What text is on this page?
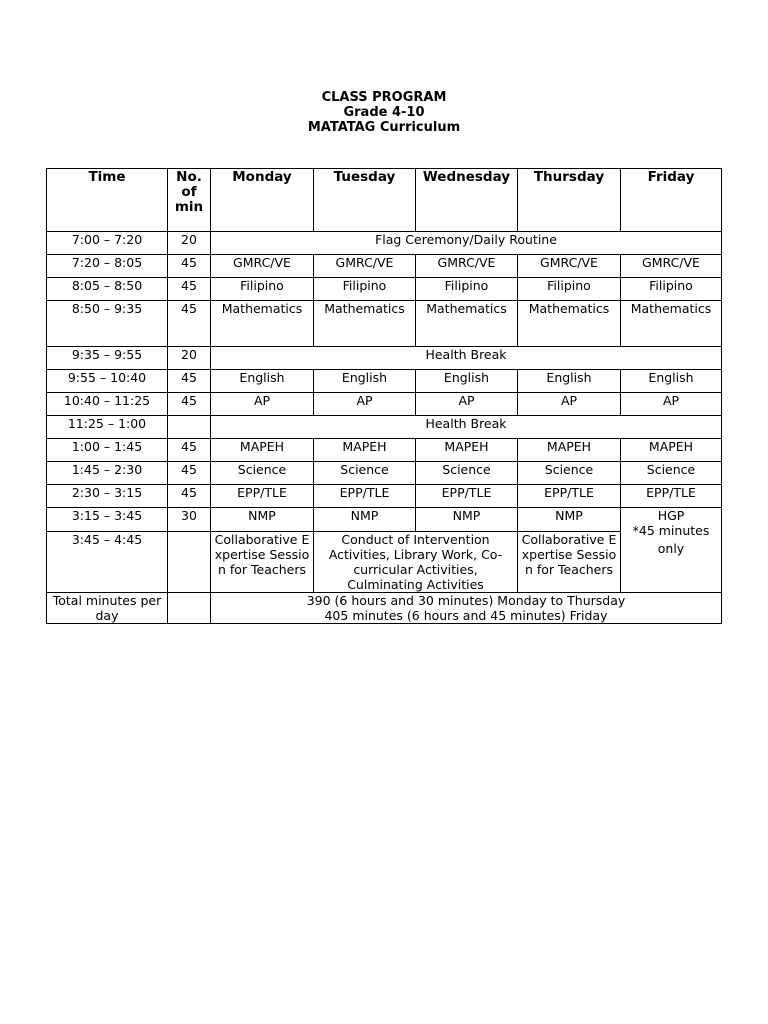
CLASS PROGRAM
Grade 4-10
MATATAG Curriculum
Time	No. of min	Monday	Tuesday	Wednesday	Thursday	Friday
7:00 – 7:20	20	Flag Ceremony/Daily Routine				
7:20 – 8:05	45	GMRC/VE	GMRC/VE	GMRC/VE	GMRC/VE	GMRC/VE
8:05 – 8:50	45	Filipino	Filipino	Filipino	Filipino	Filipino
8:50 – 9:35	45	Mathematics	Mathematics	Mathematics	Mathematics	Mathematics
9:35 – 9:55	20	Health Break				
9:55 – 10:40	45	English	English	English	English	English
10:40 – 11:25	45	AP	AP	AP	AP	AP
11:25 – 1:00		Health Break				
1:00 – 1:45	45	MAPEH	MAPEH	MAPEH	MAPEH	MAPEH
1:45 – 2:30	45	Science	Science	Science	Science	Science
2:30 – 3:15	45	EPP/TLE	EPP/TLE	EPP/TLE	EPP/TLE	EPP/TLE
3:15 – 3:45	30	NMP	NMP	NMP	NMP	HGP
*45 minutes
only

3:45 – 4:45		Collaborative Expertise Session for Teachers	Conduct of Intervention Activities, Library Work, Co-curricular Activities, Culminating Activities		Collaborative Expertise Session for Teachers	
Total minutes per day		390 (6 hours and 30 minutes) Monday to Thursday
405 minutes (6 hours and 45 minutes) Friday				
